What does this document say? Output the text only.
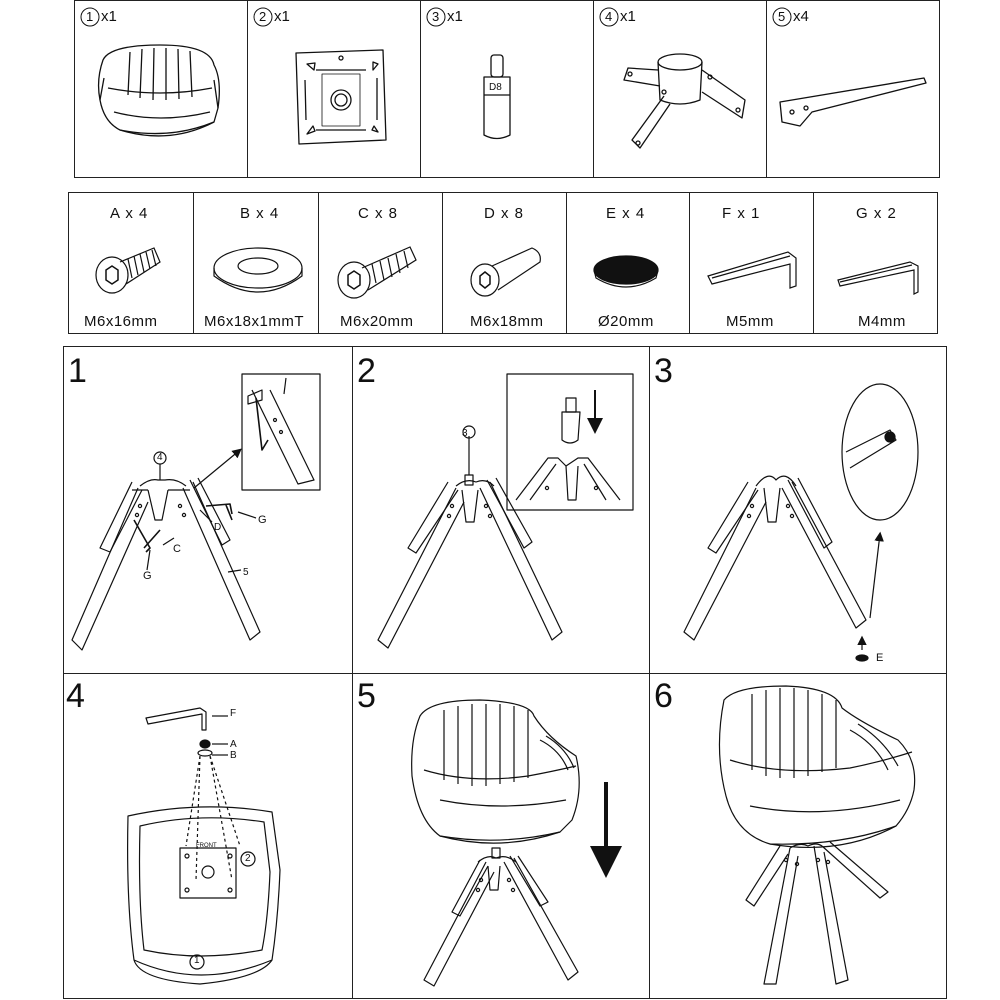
1 x1	2 x1	3 x1	4 x1	5 x4
D8
A x 4	B x 4	C x 8	D x 8	E x 4	F x 1	G x 2
M6x16mm	M6x18x1mmT M6x20mm	M6x18mm	Ø20mm	M5mm	M4mm
1	2	3
4	5	6
4
5
C
D
G
G
3
E
F
A
B
FRONT
2
1
